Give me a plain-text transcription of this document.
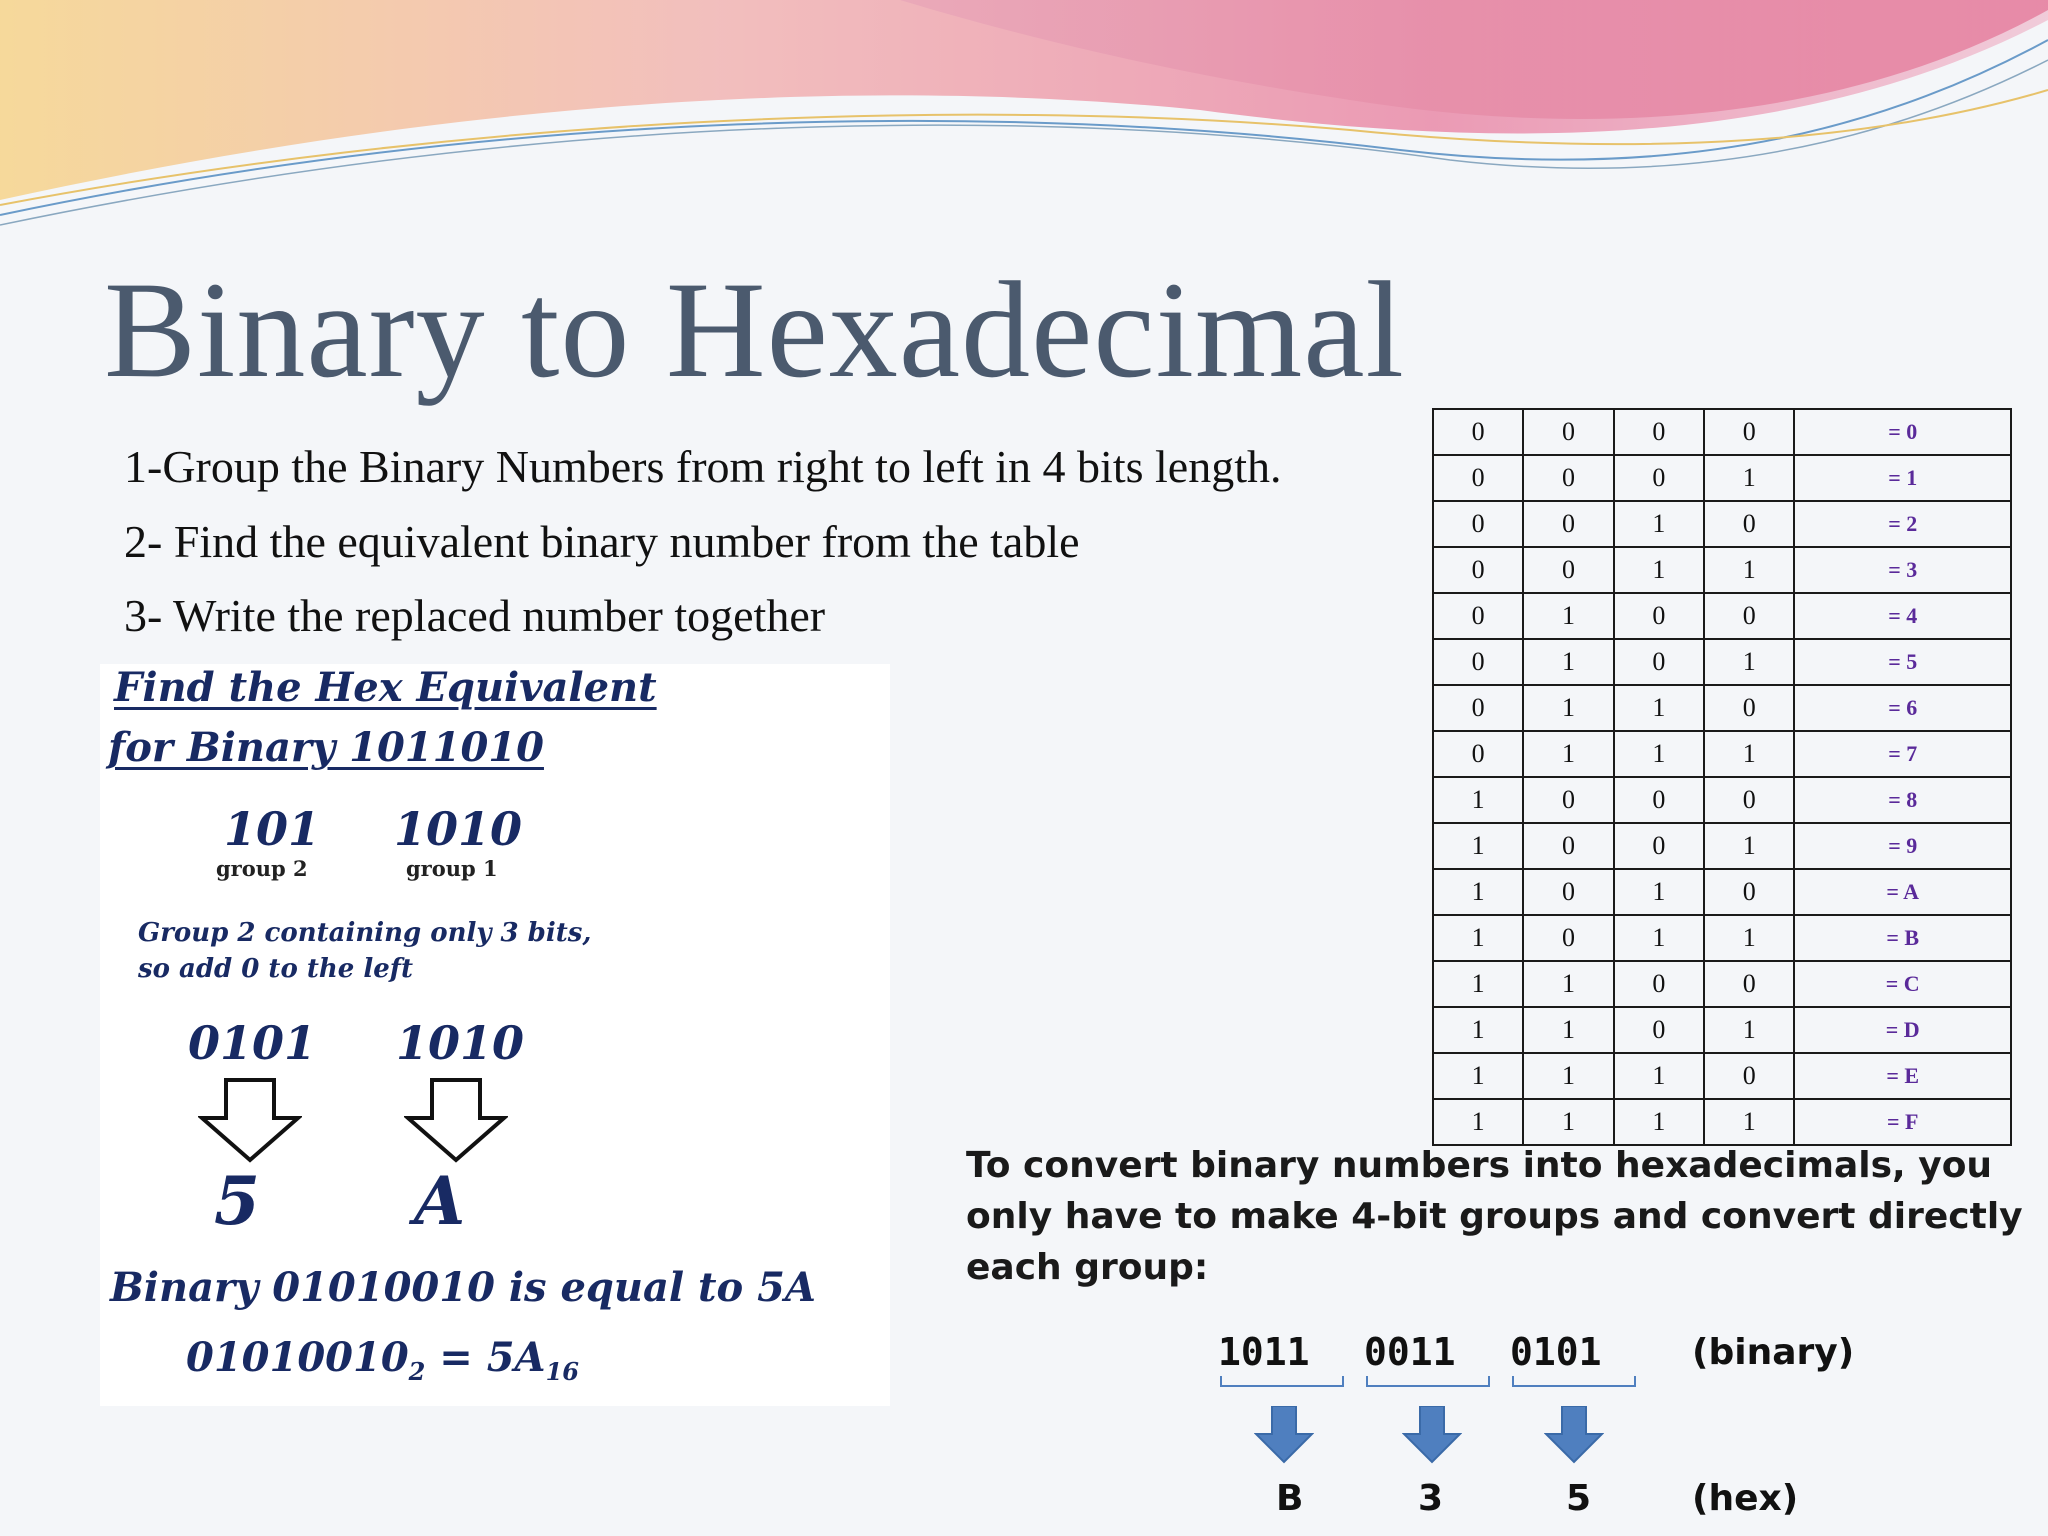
Binary to Hexadecimal
1-Group the Binary Numbers from right to left in 4 bits length.
2- Find the equivalent binary number from the table
3- Write the replaced number together
Find the Hex Equivalent
for Binary 1011010
101 1010
group 2	group 1
Group 2 containing only 3 bits,
so add 0 to the left
0101 1010
5 A
Binary 01010010 is equal to 5A
$01010010_2 = 5A_{16}$
0	0	0	0	= 0
0	0	0	1	= 1
0	0	1	0	= 2
0	0	1	1	= 3
0	1	0	0	= 4
0	1	0	1	= 5
0	1	1	0	= 6
0	1	1	1	= 7
1	0	0	0	= 8
1	0	0	1	= 9
1	0	1	0	= A
1	0	1	1	= B
1	1	0	0	= C
1	1	0	1	= D
1	1	1	0	= E
1	1	1	1	= F
To convert binary numbers into hexadecimals, you only have to make 4-bit groups and convert directly each group:
1011 0011 0101	(binary)
B	3	5	(hex)
